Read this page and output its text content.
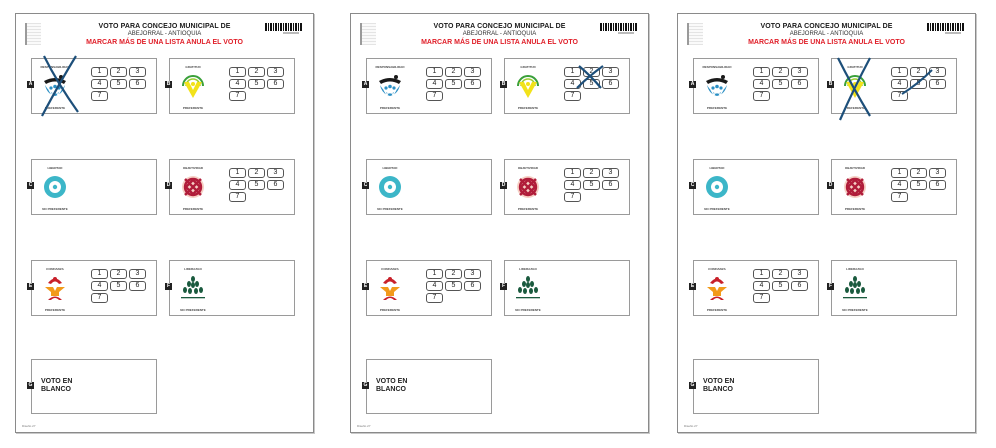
VOTO PARA CONCEJO MUNICIPAL DE
ABEJORRAL - ANTIOQUIA
MARCAR MÁS DE UNA LISTA ANULA EL VOTO
A
RESPONSABILIDAD
PREFERENTE
1	2	3
4	5	6
7
B
GRATITUD
PREFERENTE
1	2	3
4	5	6
7
C
LIBERTAD
NO PREFERENTE
D
OBJETIVIDAD
PREFERENTE
1	2	3
4	5	6
7
E
CONFIANZA
PREFERENTE
1	2	3
4	5	6
7
F
LIDERAZGO
NO PREFERENTE
G VOTO EN
BLANCO
Diseño 27
VOTO PARA CONCEJO MUNICIPAL DE
ABEJORRAL - ANTIOQUIA
MARCAR MÁS DE UNA LISTA ANULA EL VOTO
A
RESPONSABILIDAD
PREFERENTE
1	2	3
4	5	6
7
B
GRATITUD
PREFERENTE
1	2	3
4	5	6
7
C
LIBERTAD
NO PREFERENTE
D
OBJETIVIDAD
PREFERENTE
1	2	3
4	5	6
7
E
CONFIANZA
PREFERENTE
1	2	3
4	5	6
7
F
LIDERAZGO
NO PREFERENTE
G VOTO EN
BLANCO
Diseño 27
VOTO PARA CONCEJO MUNICIPAL DE
ABEJORRAL - ANTIOQUIA
MARCAR MÁS DE UNA LISTA ANULA EL VOTO
A
RESPONSABILIDAD
PREFERENTE
1	2	3
4	5	6
7
B
GRATITUD
PREFERENTE
1	2	3
4	5	6
7
C
LIBERTAD
NO PREFERENTE
D
OBJETIVIDAD
PREFERENTE
1	2	3
4	5	6
7
E
CONFIANZA
PREFERENTE
1	2	3
4	5	6
7
F
LIDERAZGO
NO PREFERENTE
G VOTO EN
BLANCO
Diseño 27
